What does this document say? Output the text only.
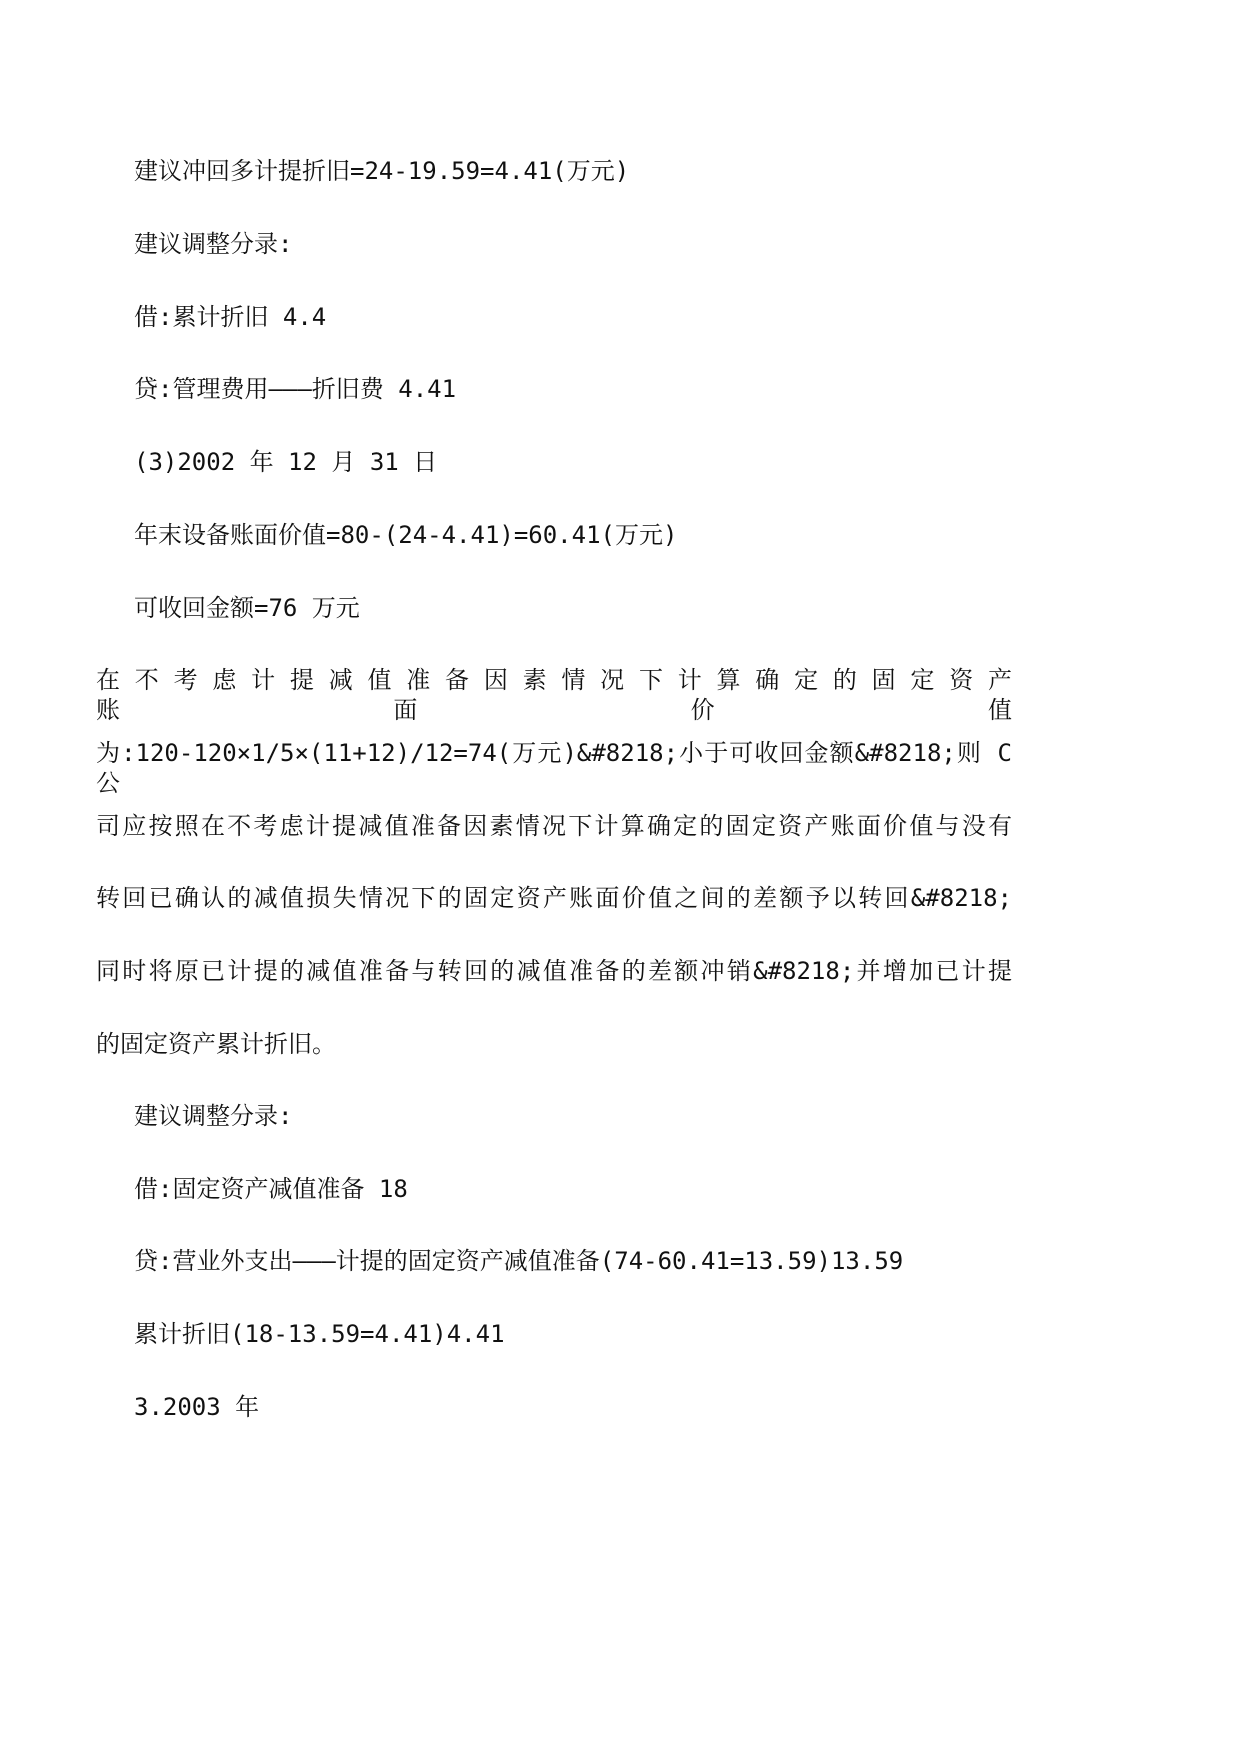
建议冲回多计提折旧=24-19.59=4.41(万元)
建议调整分录:
借:累计折旧 4.4
贷:管理费用———折旧费 4.41
(3)2002 年 12 月 31 日
年末设备账面价值=80-(24-4.41)=60.41(万元)
可收回金额=76 万元
在 不 考 虑 计 提 减 值 准 备 因 素 情 况 下 计 算 确 定 的 固 定 资 产 账 面 价 值
为:120-120×1/5×(11+12)/12=74(万元)&#8218;小于可收回金额&#8218;则 C 公
司应按照在不考虑计提减值准备因素情况下计算确定的固定资产账面价值与没有
转回已确认的减值损失情况下的固定资产账面价值之间的差额予以转回&#8218;
同时将原已计提的减值准备与转回的减值准备的差额冲销&#8218;并增加已计提
的固定资产累计折旧。
建议调整分录:
借:固定资产减值准备 18
贷:营业外支出———计提的固定资产减值准备(74-60.41=13.59)13.59
累计折旧(18-13.59=4.41)4.41
3.2003 年
